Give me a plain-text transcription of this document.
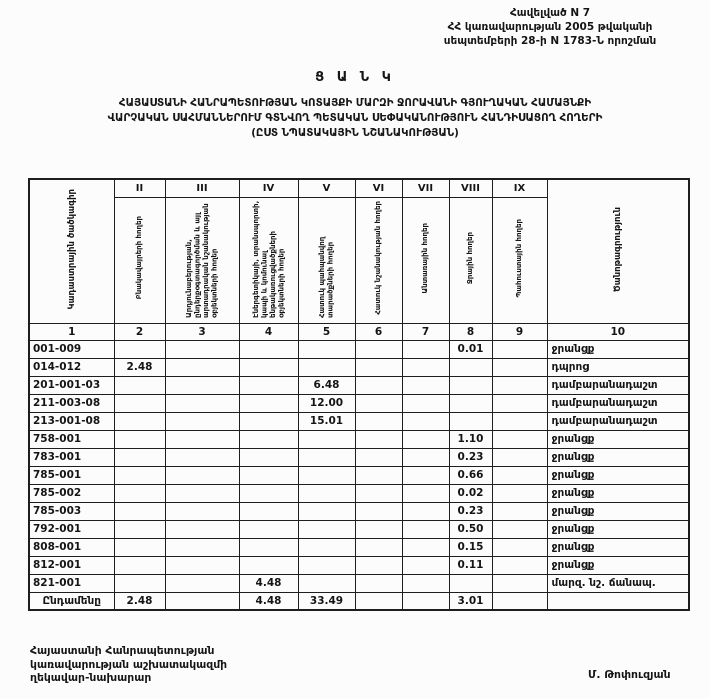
Հավելված N 7
ՀՀ կառավարության 2005 թվականի
սեպտեմբերի 28-ի N 1783-Ն որոշման
Ց Ա Ն Կ
ՀԱՅԱՍՏԱՆԻ ՀԱՆՐԱՊԵՏՈՒԹՅԱՆ ԿՈՏԱՅՔԻ ՄԱՐԶԻ ՋՈՐԱՎԱՆԻ ԳՅՈՒՂԱԿԱՆ ՀԱՄԱՅՆՔԻ
ՎԱՐՉԱԿԱՆ ՍԱՀՄԱՆՆԵՐՈՒՄ ԳՏՆՎՈՂ ՊԵՏԱԿԱՆ ՍԵՓԱԿԱՆՈՒԹՅՈՒՆ ՀԱՆԴԻՍԱՑՈՂ ՀՈՂԵՐԻ
(ԸՍՏ ՆՊԱՏԱԿԱՅԻՆ ՆՇԱՆԱԿՈՒԹՅԱՆ)
Կադաստրային ծածկագիր	II	III	IV	V	VI	VII	VIII	IX	Ծանոթագրություն
	Բնակավայրերի հողեր	Արդյունաբերության, ընդերքօգտագործման և այլ արտադրական նշանակության օբյեկտների հողեր	Էներգետիկայի, տրանսպորտի, կապի և կոմունալ ենթակառուցվածքների օբյեկտների հողեր	Հատուկ պահպանվող տարածքների հողեր	Հատուկ նշանակության հողեր	Անտառային հողեր	Ջրային հողեր	Պահուստային հողեր	
1	2	3	4	5	6	7	8	9	10
001-009							0.01		ջրանցք
014-012	2.48								դպրոց
201-001-03				6.48					դամբարանադաշտ
211-003-08				12.00					դամբարանադաշտ
213-001-08				15.01					դամբարանադաշտ
758-001							1.10		ջրանցք
783-001							0.23		ջրանցք
785-001							0.66		ջրանցք
785-002							0.02		ջրանցք
785-003							0.23		ջրանցք
792-001							0.50		ջրանցք
808-001							0.15		ջրանցք
812-001							0.11		ջրանցք
821-001			4.48						մարզ. նշ. ճանապ.
Ընդամենը	2.48		4.48	33.49			3.01		
Հայաստանի Հանրապետության
կառավարության աշխատակազմի
ղեկավար-նախարար	Մ. Թոփուզյան
